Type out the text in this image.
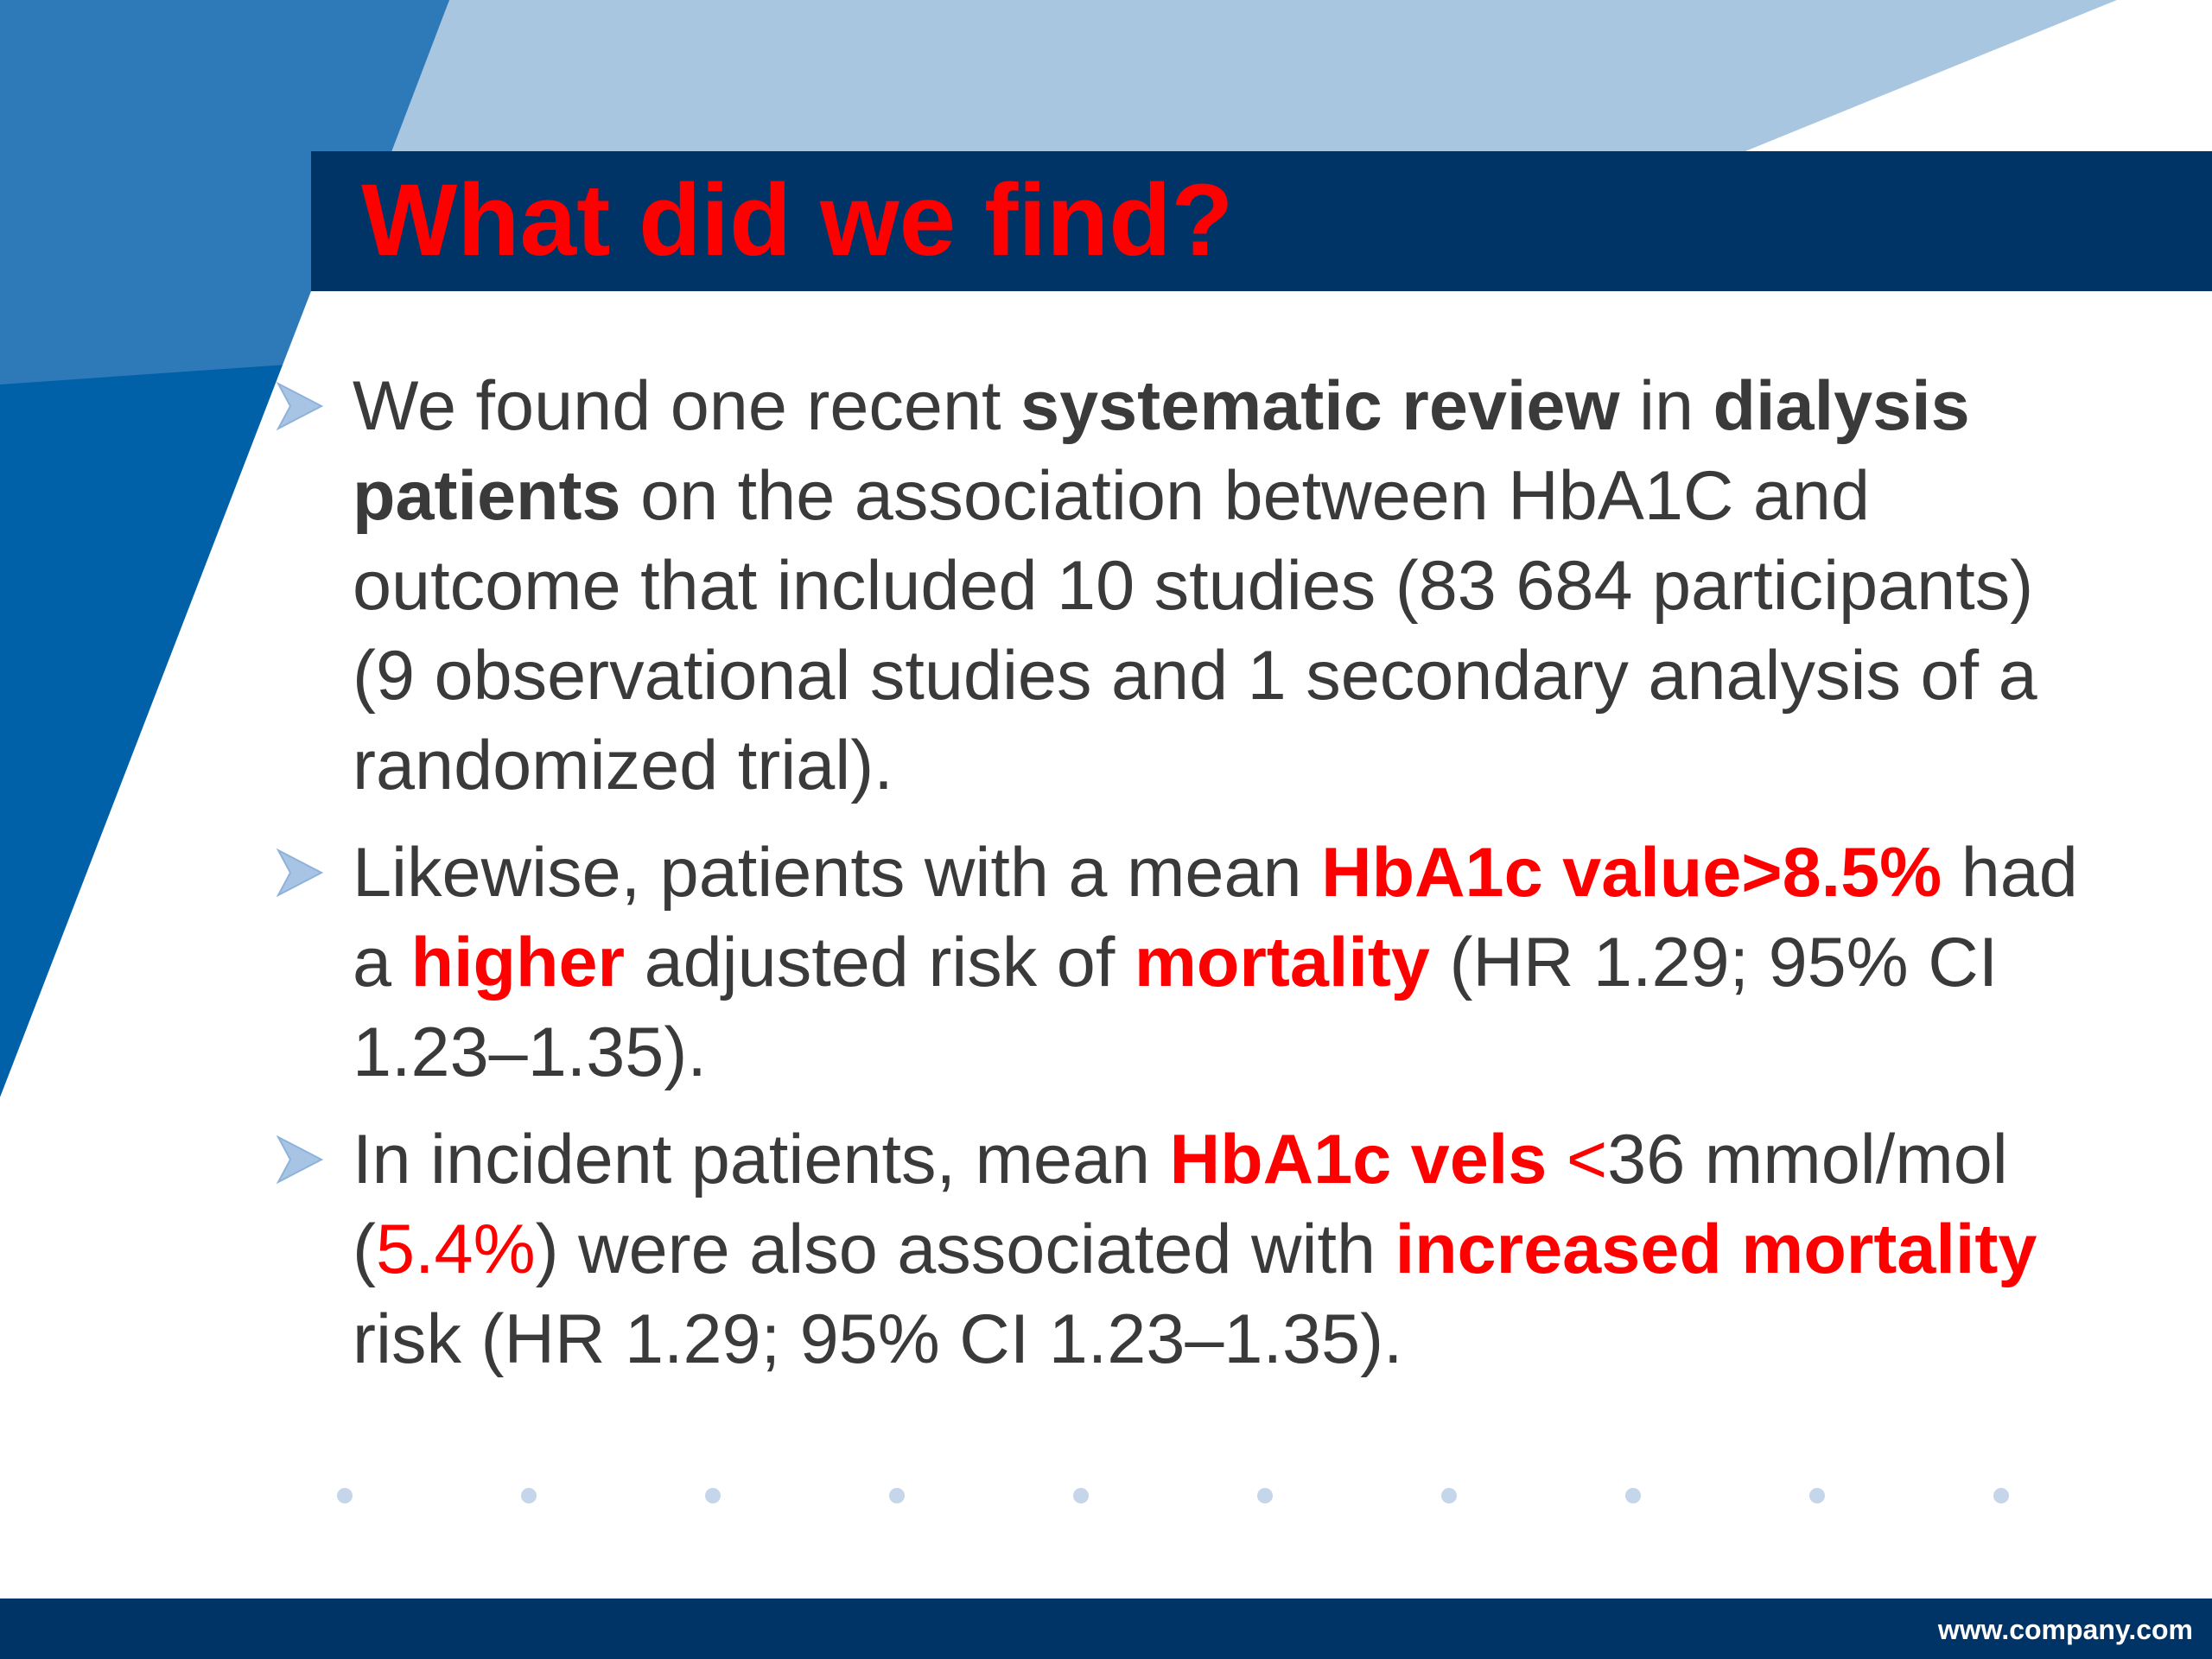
What did we find?
We found one recent systematic review in dialysis patients on the association between HbA1C and outcome that included 10 studies (83 684 participants) (9 observational studies and 1 secondary analysis of a randomized trial).
Likewise, patients with a mean HbA1c value>8.5% had a higher adjusted risk of mortality (HR 1.29; 95% CI 1.23–1.35).
In incident patients, mean HbA1c vels <36 mmol/mol (5.4%) were also associated with increased mortality risk (HR 1.29; 95% CI 1.23–1.35).
www.company.com
